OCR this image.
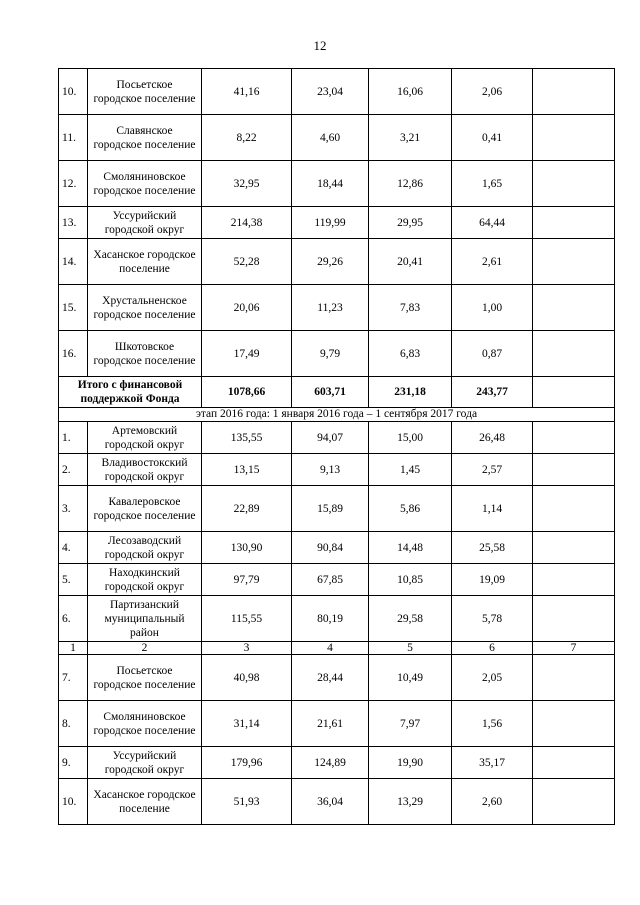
12
10.	Посьетское городское поселение	41,16	23,04	16,06	2,06	
11.	Славянское городское поселение	8,22	4,60	3,21	0,41	
12.	Смоляниновское городское поселение	32,95	18,44	12,86	1,65	
13.	Уссурийский городской округ	214,38	119,99	29,95	64,44	
14.	Хасанское городское поселение	52,28	29,26	20,41	2,61	
15.	Хрустальненское городское поселение	20,06	11,23	7,83	1,00	
16.	Шкотовское городское поселение	17,49	9,79	6,83	0,87	
Итого с финансовой поддержкой Фонда		1078,66	603,71	231,18	243,77	
этап 2016 года: 1 января 2016 года – 1 сентября 2017 года						
1.	Артемовский городской округ	135,55	94,07	15,00	26,48	
2.	Владивостокский городской округ	13,15	9,13	1,45	2,57	
3.	Кавалеровское городское поселение	22,89	15,89	5,86	1,14	
4.	Лесозаводский городской округ	130,90	90,84	14,48	25,58	
5.	Находкинский городской округ	97,79	67,85	10,85	19,09	
6.	Партизанский муниципальный район	115,55	80,19	29,58	5,78	
1	2	3	4	5	6	7
7.	Посьетское городское поселение	40,98	28,44	10,49	2,05	
8.	Смоляниновское городское поселение	31,14	21,61	7,97	1,56	
9.	Уссурийский городской округ	179,96	124,89	19,90	35,17	
10.	Хасанское городское поселение	51,93	36,04	13,29	2,60	
